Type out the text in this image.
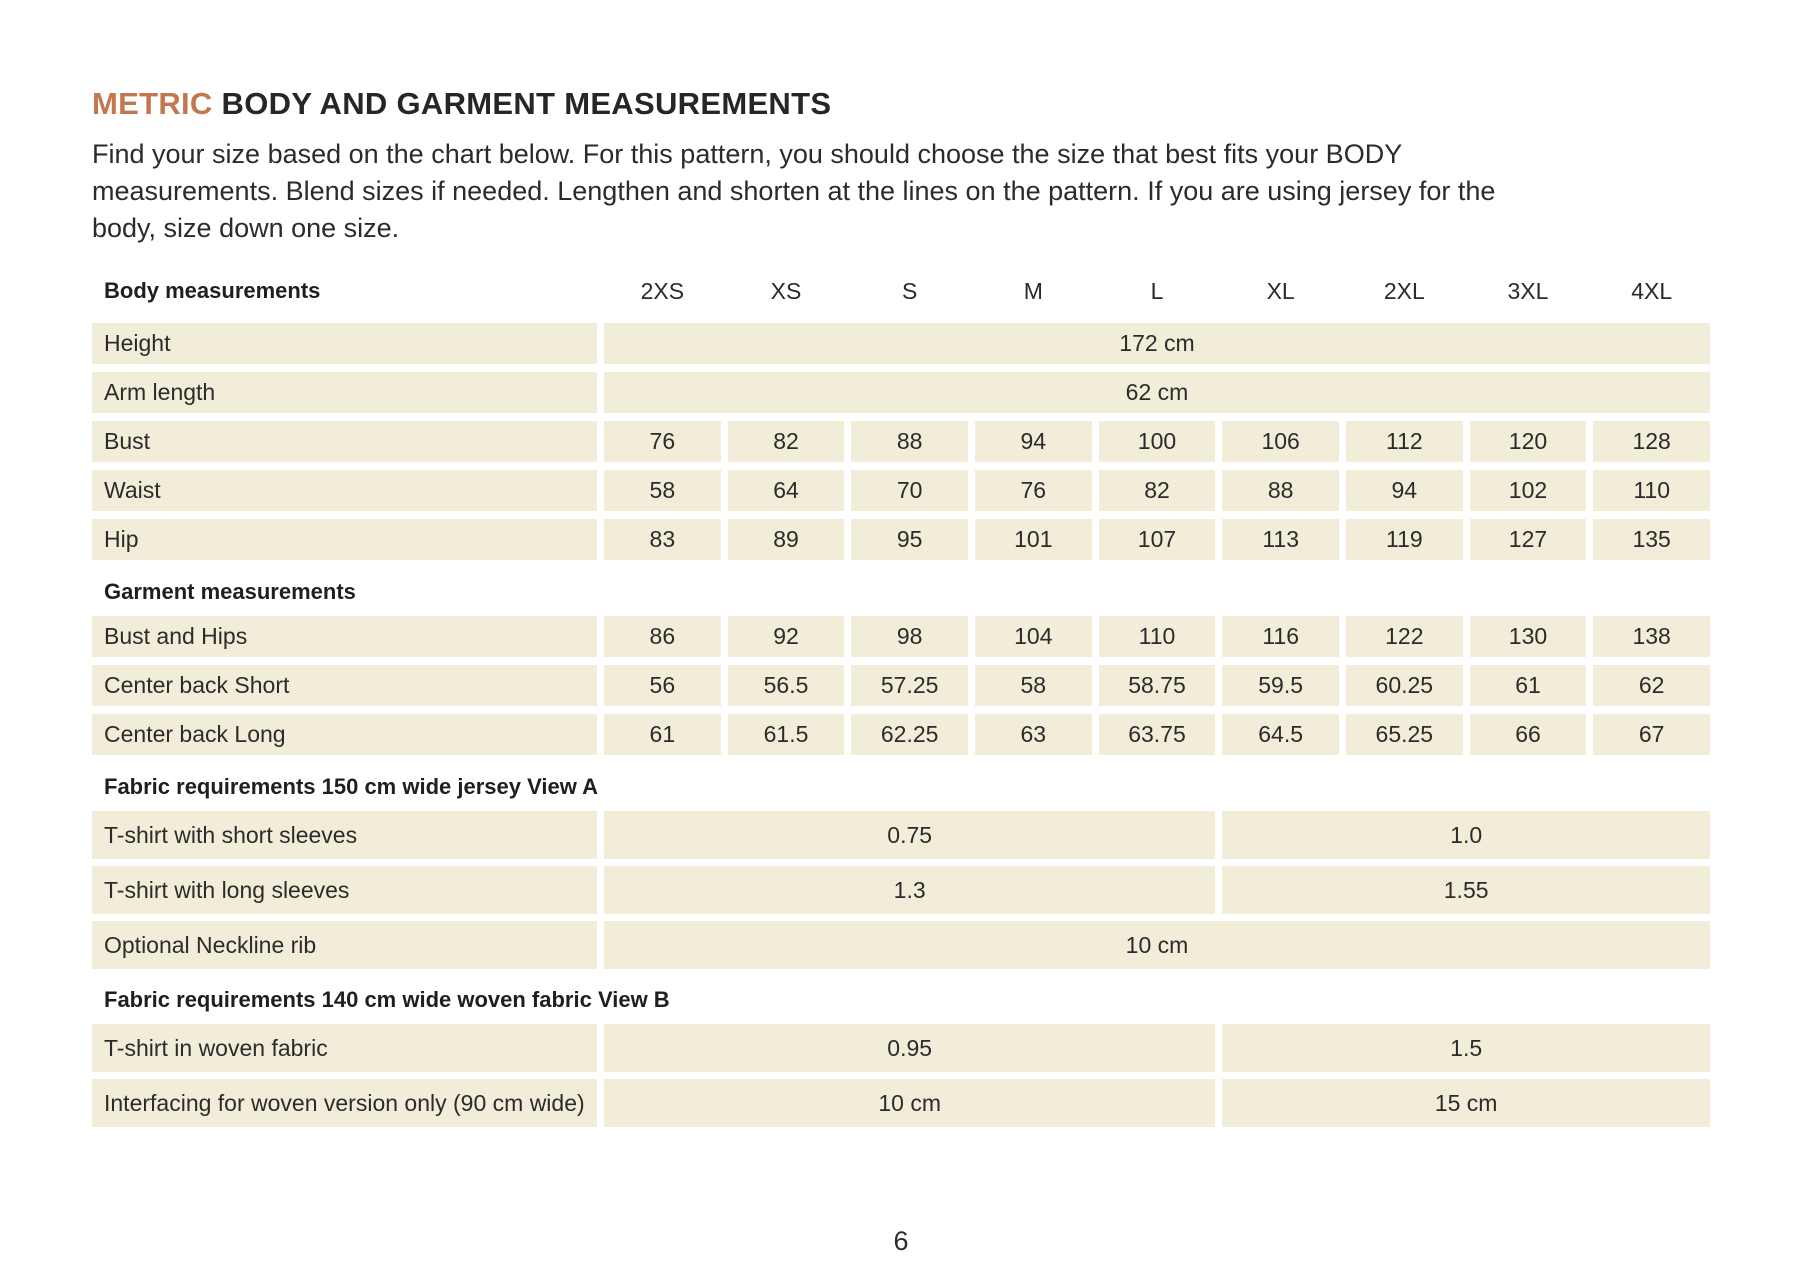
METRIC BODY AND GARMENT MEASUREMENTS
Find your size based on the chart below. For this pattern, you should choose the size that best fits your BODY
measurements. Blend sizes if needed. Lengthen and shorten at the lines on the pattern. If you are using jersey for the
body, size down one size.
Body measurements	2XS	XS	S	M	L	XL	2XL	3XL	4XL
Height	172 cm
Arm length	62 cm
Bust	76	82	88	94	100	106	112	120	128
Waist	58	64	70	76	82	88	94	102	110
Hip	83	89	95	101	107	113	119	127	135
Garment measurements
Bust and Hips	86	92	98	104	110	116	122	130	138
Center back Short	56	56.5	57.25	58	58.75	59.5	60.25	61	62
Center back Long	61	61.5	62.25	63	63.75	64.5	65.25	66	67
Fabric requirements 150 cm wide jersey View A
T-shirt with short sleeves	0.75	1.0
T-shirt with long sleeves	1.3	1.55
Optional Neckline rib	10 cm
Fabric requirements 140 cm wide woven fabric View B
T-shirt in woven fabric	0.95	1.5
Interfacing for woven version only (90 cm wide)	10 cm	15 cm
6
